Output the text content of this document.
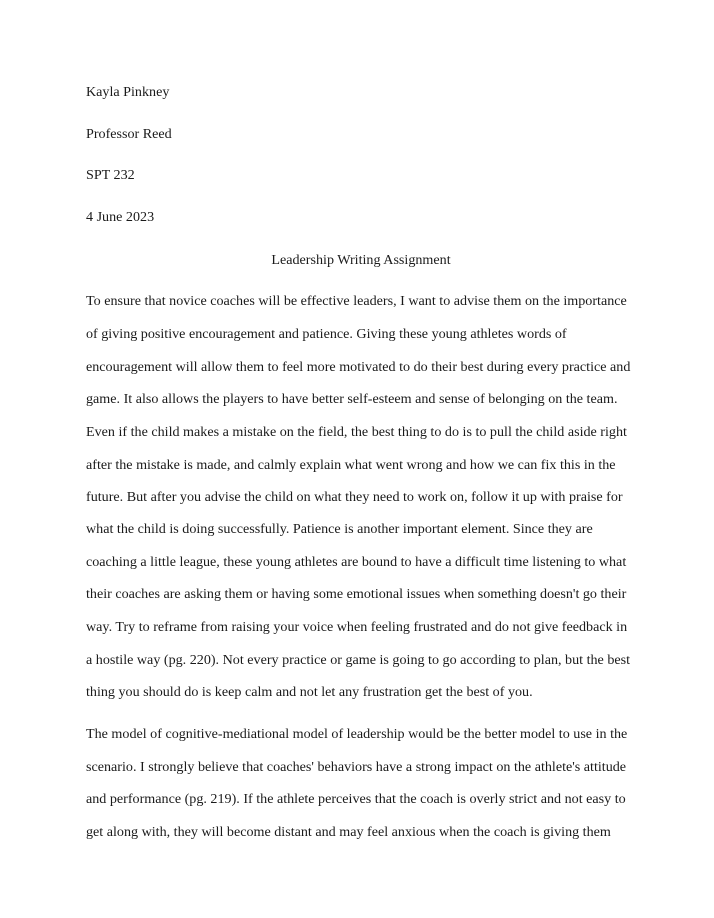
Kayla Pinkney
Professor Reed
SPT 232
4 June 2023
Leadership Writing Assignment
To ensure that novice coaches will be effective leaders, I want to advise them on the importance
of giving positive encouragement and patience. Giving these young athletes words of
encouragement will allow them to feel more motivated to do their best during every practice and
game. It also allows the players to have better self-esteem and sense of belonging on the team.
Even if the child makes a mistake on the field, the best thing to do is to pull the child aside right
after the mistake is made, and calmly explain what went wrong and how we can fix this in the
future. But after you advise the child on what they need to work on, follow it up with praise for
what the child is doing successfully. Patience is another important element. Since they are
coaching a little league, these young athletes are bound to have a difficult time listening to what
their coaches are asking them or having some emotional issues when something doesn't go their
way. Try to reframe from raising your voice when feeling frustrated and do not give feedback in
a hostile way (pg. 220). Not every practice or game is going to go according to plan, but the best
thing you should do is keep calm and not let any frustration get the best of you.
The model of cognitive-mediational model of leadership would be the better model to use in the
scenario. I strongly believe that coaches' behaviors have a strong impact on the athlete's attitude
and performance (pg. 219). If the athlete perceives that the coach is overly strict and not easy to
get along with, they will become distant and may feel anxious when the coach is giving them
